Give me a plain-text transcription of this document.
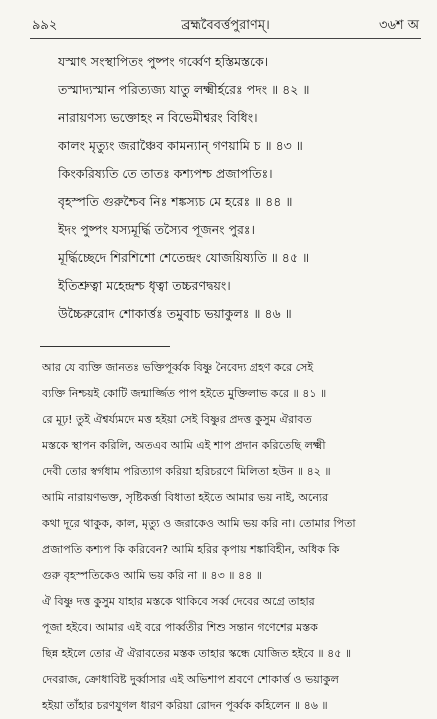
৯৯২	ব্রহ্মবৈবর্ত্তপুরাণম্।	৩৬শ অ
যস্মাৎ সংস্থাপিতং পুষ্পং গর্ব্বেণ হস্তিমস্তকে।
তস্মাদ্যস্মান পরিত্যজ্য যাতু লক্ষ্মীর্হরেঃ পদং ॥ ৪২ ॥
নারায়ণস্য ভক্তোহং ন বিভেমীশ্বরং বিধিং।
কালং মৃত্যুং জরাঞ্চৈব কামন্যান্ গণয়ামি চ ॥ ৪৩ ॥
কিংকরিষ্যতি তে তাতঃ কশ্যপশ্চ প্রজাপতিঃ।
বৃহস্পতি গুরুশ্চৈব নিঃ শঙ্কস্যচ মে হরেঃ ॥ ৪৪ ॥
ইদং পুষ্পং যস্যমূর্দ্ধি তস্যৈব পূজনং পুরঃ।
মূর্দ্ধিচ্ছেদে শিরশিশো শেতেন্দ্রং যোজয়িষ্যতি ॥ ৪৫ ॥
ইতিশ্রুত্বা মহেন্দ্রশ্চ ধৃত্বা তচ্চরণদ্বয়ং।
উচ্চৈরুরোদ শোকার্ত্তঃ তমুবাচ ভয়াকুলঃ ॥ ৪৬ ॥
আর যে ব্যক্তি জানতঃ ভক্তিপূর্ব্বক বিষ্ণু নৈবেদ্য গ্রহণ করে সেই
ব্যক্তি নিশ্চয়ই কোটি জন্মার্জ্জিত পাপ হইতে মুক্তিলাভ করে ॥ ৪১ ॥
রে মূঢ়! তুই ঐশ্বর্য্যমদে মত্ত হইয়া সেই বিষ্ণুর প্রদত্ত কুসুম ঐরাবত
মস্তকে স্থাপন করিলি, অতএব আমি এই শাপ প্রদান করিতেছি লক্ষ্মী
দেবী তোর স্বর্গধাম পরিত্যাগ করিয়া হরিচরণে মিলিতা হউন ॥ ৪২ ॥
আমি নারায়ণভক্ত, সৃষ্টিকর্ত্তা বিধাতা হইতে আমার ভয় নাই, অন্যের
কথা দূরে থাকুক, কাল, মৃত্যু ও জরাকেও আমি ভয় করি না। তোমার পিতা
প্রজাপতি কশ্যপ কি করিবেন? আমি হরির কৃপায় শঙ্কাবিহীন, অধিক কি
গুরু বৃহস্পতিকেও আমি ভয় করি না ॥ ৪৩ ॥ ৪৪ ॥
ঐ বিষ্ণু দত্ত কুসুম যাহার মস্তকে থাকিবে সর্ব্ব দেবের অগ্রে তাহার
পূজা হইবে। আমার এই বরে পার্ব্বতীর শিশু সন্তান গণেশের মস্তক
ছিন্ন হইলে তোর ঐ ঐরাবতের মস্তক তাহার স্কন্ধে যোজিত হইবে ॥ ৪৫ ॥
দেবরাজ, ক্রোধাবিষ্ট দুর্ব্বাসার এই অভিশাপ শ্রবণে শোকার্ত্ত ও ভয়াকুল
হইয়া তাঁহার চরণযুগল ধারণ করিয়া রোদন পূর্ব্বক কহিলেন ॥ ৪৬ ॥
